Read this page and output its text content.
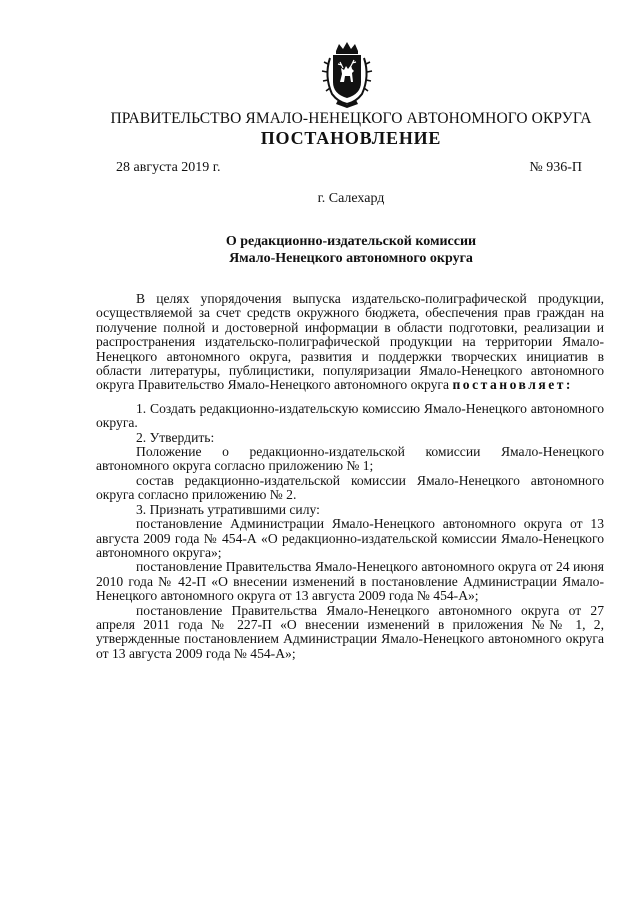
ПРАВИТЕЛЬСТВО ЯМАЛО-НЕНЕЦКОГО АВТОНОМНОГО ОКРУГА
ПОСТАНОВЛЕНИЕ
28 августа 2019 г.	№ 936-П
г. Салехард
О редакционно-издательской комиссии
Ямало-Ненецкого автономного округа

В целях упорядочения выпуска издательско-полиграфической продукции, осуществляемой за счет средств окружного бюджета, обеспечения прав граждан на получение полной и достоверной информации в области подготовки, реализации и распространения издательско-полиграфической продукции на территории Ямало-Ненецкого автономного округа, развития и поддержки творческих инициатив в области литературы, публицистики, популяризации Ямало-Ненецкого автономного округа Правительство Ямало-Ненецкого автономного округа постановляет:

1. Создать редакционно-издательскую комиссию Ямало-Ненецкого автономного округа.

2. Утвердить:

Положение о редакционно-издательской комиссии Ямало-Ненецкого автономного округа согласно приложению № 1;

состав редакционно-издательской комиссии Ямало-Ненецкого автономного округа согласно приложению № 2.

3. Признать утратившими силу:

постановление Администрации Ямало-Ненецкого автономного округа от 13 августа 2009 года № 454-А «О редакционно-издательской комиссии Ямало-Ненецкого автономного округа»;

постановление Правительства Ямало-Ненецкого автономного округа от 24 июня 2010 года № 42-П «О внесении изменений в постановление Администрации Ямало-Ненецкого автономного округа от 13 августа 2009 года № 454-А»;

постановление Правительства Ямало-Ненецкого автономного округа от 27 апреля 2011 года № 227-П «О внесении изменений в приложения №№ 1, 2, утвержденные постановлением Администрации Ямало-Ненецкого автономного округа от 13 августа 2009 года № 454-А»;
